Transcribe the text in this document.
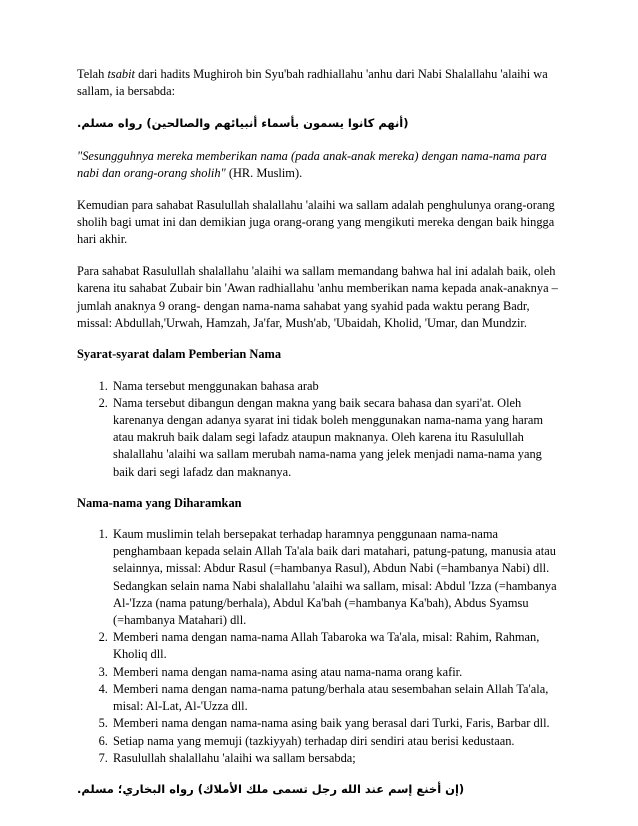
Telah tsabit dari hadits Mughiroh bin Syu'bah radhiallahu 'anhu dari Nabi Shalallahu 'alaihi wa sallam, ia bersabda:

(أنهم كانوا يسمون بأسماء أنبيائهم والصالحين) رواه مسلم.

"Sesungguhnya mereka memberikan nama (pada anak-anak mereka) dengan nama-nama para nabi dan orang-orang sholih" (HR. Muslim).

Kemudian para sahabat Rasulullah shalallahu 'alaihi wa sallam adalah penghulunya orang-orang sholih bagi umat ini dan demikian juga orang-orang yang mengikuti mereka dengan baik hingga hari akhir.

Para sahabat Rasulullah shalallahu 'alaihi wa sallam memandang bahwa hal ini adalah baik, oleh karena itu sahabat Zubair bin 'Awan radhiallahu 'anhu memberikan nama kepada anak-anaknya –jumlah anaknya 9 orang- dengan nama-nama sahabat yang syahid pada waktu perang Badr, missal: Abdullah,'Urwah, Hamzah, Ja'far, Mush'ab, 'Ubaidah, Kholid, 'Umar, dan Mundzir.

Syarat-syarat dalam Pemberian Nama

1. Nama tersebut menggunakan bahasa arab
2. Nama tersebut dibangun dengan makna yang baik secara bahasa dan syari'at. Oleh karenanya dengan adanya syarat ini tidak boleh menggunakan nama-nama yang haram atau makruh baik dalam segi lafadz ataupun maknanya. Oleh karena itu Rasulullah shalallahu 'alaihi wa sallam merubah nama-nama yang jelek menjadi nama-nama yang baik dari segi lafadz dan maknanya.

Nama-nama yang Diharamkan

1. Kaum muslimin telah bersepakat terhadap haramnya penggunaan nama-nama penghambaan kepada selain Allah Ta'ala baik dari matahari, patung-patung, manusia atau selainnya, missal: Abdur Rasul (=hambanya Rasul), Abdun Nabi (=hambanya Nabi) dll. Sedangkan selain nama Nabi shalallahu 'alaihi wa sallam, misal: Abdul 'Izza (=hambanya Al-'Izza (nama patung/berhala), Abdul Ka'bah (=hambanya Ka'bah), Abdus Syamsu (=hambanya Matahari) dll.
2. Memberi nama dengan nama-nama Allah Tabaroka wa Ta'ala, misal: Rahim, Rahman, Kholiq dll.
3. Memberi nama dengan nama-nama asing atau nama-nama orang kafir.
4. Memberi nama dengan nama-nama patung/berhala atau sesembahan selain Allah Ta'ala, misal: Al-Lat, Al-'Uzza dll.
5. Memberi nama dengan nama-nama asing baik yang berasal dari Turki, Faris, Barbar dll.
6. Setiap nama yang memuji (tazkiyyah) terhadap diri sendiri atau berisi kedustaan.
7. Rasulullah shalallahu 'alaihi wa sallam bersabda;

(إن أخنع إسم عند الله رجل تسمى ملك الأملاك) رواه البخاري؛ مسلم.
